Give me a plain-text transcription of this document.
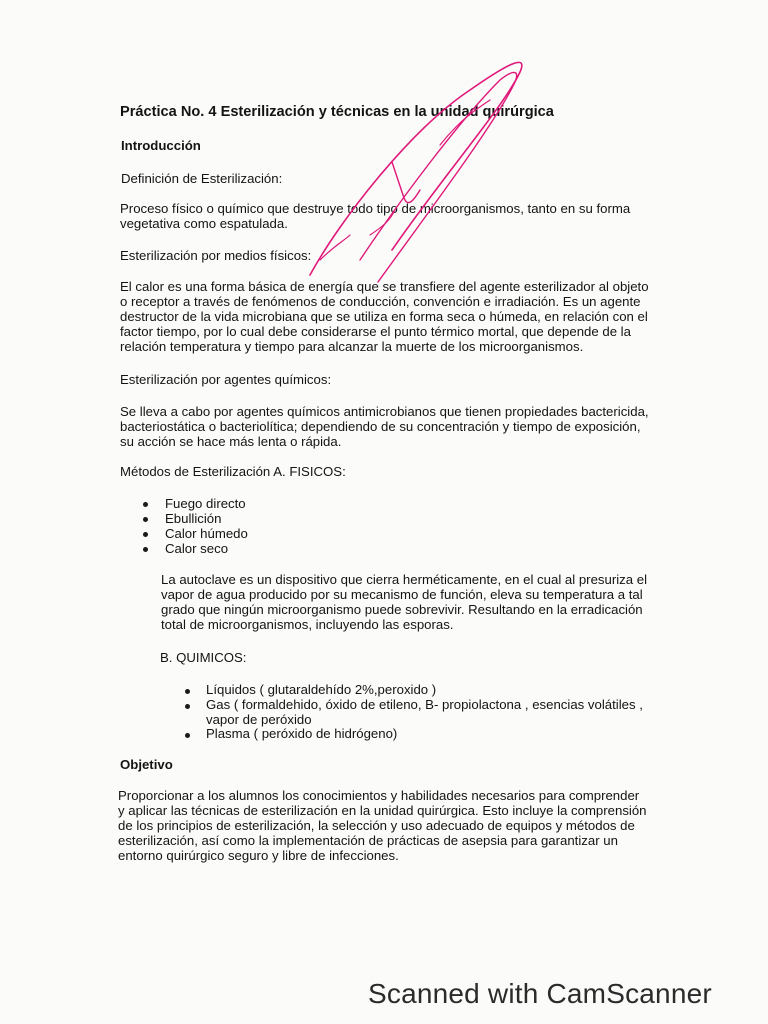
Práctica No. 4 Esterilización y técnicas en la unidad quirúrgica
Introducción
Definición de Esterilización:
Proceso físico o químico que destruye todo tipo de microorganismos, tanto en su forma
vegetativa como espatulada.
Esterilización por medios físicos:
El calor es una forma básica de energía que se transfiere del agente esterilizador al objeto
o receptor a través de fenómenos de conducción, convención e irradiación. Es un agente
destructor de la vida microbiana que se utiliza en forma seca o húmeda, en relación con el
factor tiempo, por lo cual debe considerarse el punto térmico mortal, que depende de la
relación temperatura y tiempo para alcanzar la muerte de los microorganismos.
Esterilización por agentes químicos:
Se lleva a cabo por agentes químicos antimicrobianos que tienen propiedades bactericida,
bacteriostática o bacteriolítica; dependiendo de su concentración y tiempo de exposición,
su acción se hace más lenta o rápida.
Métodos de Esterilización A. FISICOS:
Fuego directo
Ebullición
Calor húmedo
Calor seco
La autoclave es un dispositivo que cierra herméticamente, en el cual al presuriza el
vapor de agua producido por su mecanismo de función, eleva su temperatura a tal
grado que ningún microorganismo puede sobrevivir. Resultando en la erradicación
total de microorganismos, incluyendo las esporas.
B. QUIMICOS:
Líquidos ( glutaraldehído 2%,peroxido )
Gas ( formaldehido, óxido de etileno, B- propiolactona , esencias volátiles ,
vapor de peróxido
Plasma ( peróxido de hidrógeno)
Objetivo
Proporcionar a los alumnos los conocimientos y habilidades necesarios para comprender
y aplicar las técnicas de esterilización en la unidad quirúrgica. Esto incluye la comprensión
de los principios de esterilización, la selección y uso adecuado de equipos y métodos de
esterilización, así como la implementación de prácticas de asepsia para garantizar un
entorno quirúrgico seguro y libre de infecciones.
Scanned with CamScanner
